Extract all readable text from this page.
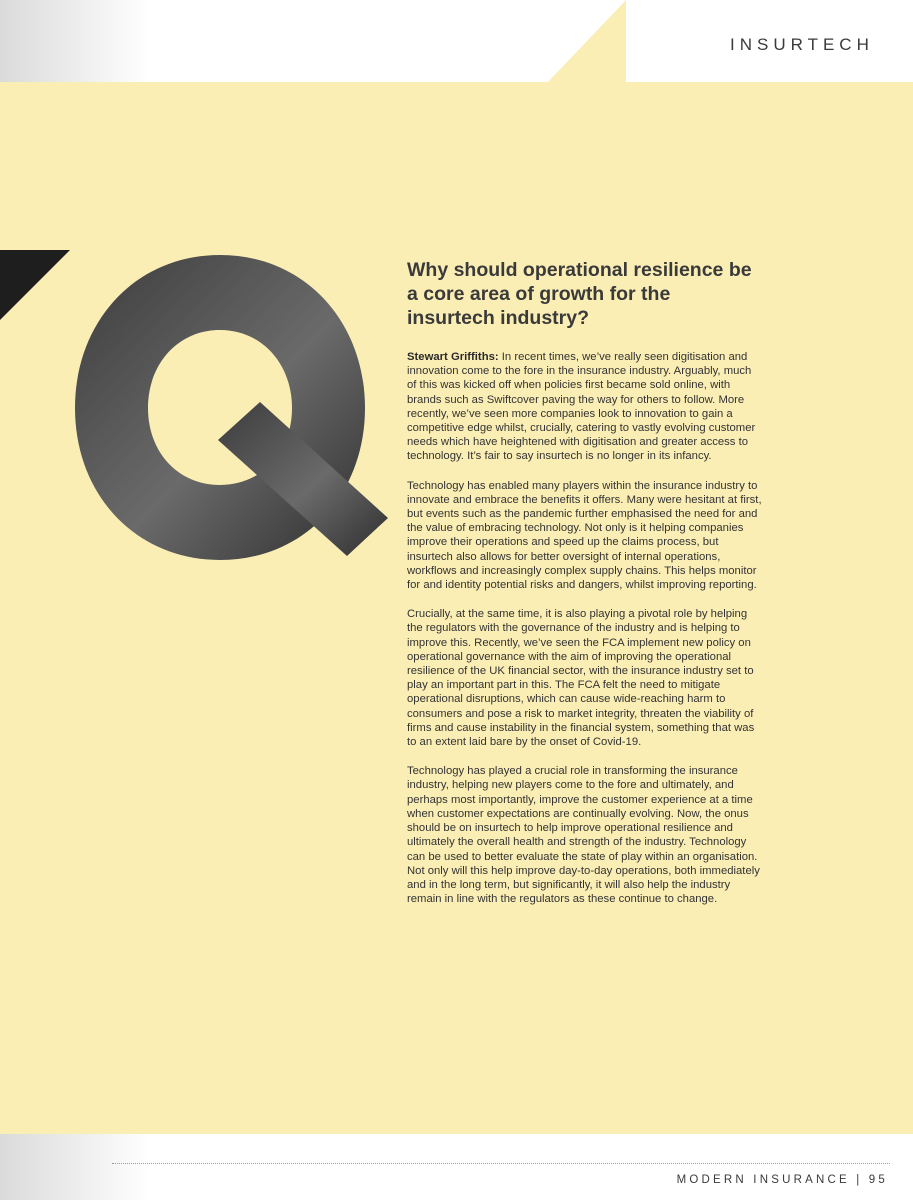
INSURTECH
Why should operational resilience be a core area of growth for the insurtech industry?

Stewart Griffiths: In recent times, we’ve really seen digitisation and innovation come to the fore in the insurance industry. Arguably, much of this was kicked off when policies first became sold online, with brands such as Swiftcover paving the way for others to follow. More recently, we’ve seen more companies look to innovation to gain a competitive edge whilst, crucially, catering to vastly evolving customer needs which have heightened with digitisation and greater access to technology. It’s fair to say insurtech is no longer in its infancy.

Technology has enabled many players within the insurance industry to innovate and embrace the benefits it offers. Many were hesitant at first, but events such as the pandemic further emphasised the need for and the value of embracing technology. Not only is it helping companies improve their operations and speed up the claims process, but insurtech also allows for better oversight of internal operations, workflows and increasingly complex supply chains. This helps monitor for and identity potential risks and dangers, whilst improving reporting.

Crucially, at the same time, it is also playing a pivotal role by helping the regulators with the governance of the industry and is helping to improve this. Recently, we’ve seen the FCA implement new policy on operational governance with the aim of improving the operational resilience of the UK financial sector, with the insurance industry set to play an important part in this. The FCA felt the need to mitigate operational disruptions, which can cause wide-reaching harm to consumers and pose a risk to market integrity, threaten the viability of firms and cause instability in the financial system, something that was to an extent laid bare by the onset of Covid-19.

Technology has played a crucial role in transforming the insurance industry, helping new players come to the fore and ultimately, and perhaps most importantly, improve the customer experience at a time when customer expectations are continually evolving. Now, the onus should be on insurtech to help improve operational resilience and ultimately the overall health and strength of the industry. Technology can be used to better evaluate the state of play within an organisation. Not only will this help improve day-to-day operations, both immediately and in the long term, but significantly, it will also help the industry remain in line with the regulators as these continue to change.

MODERN INSURANCE | 95
